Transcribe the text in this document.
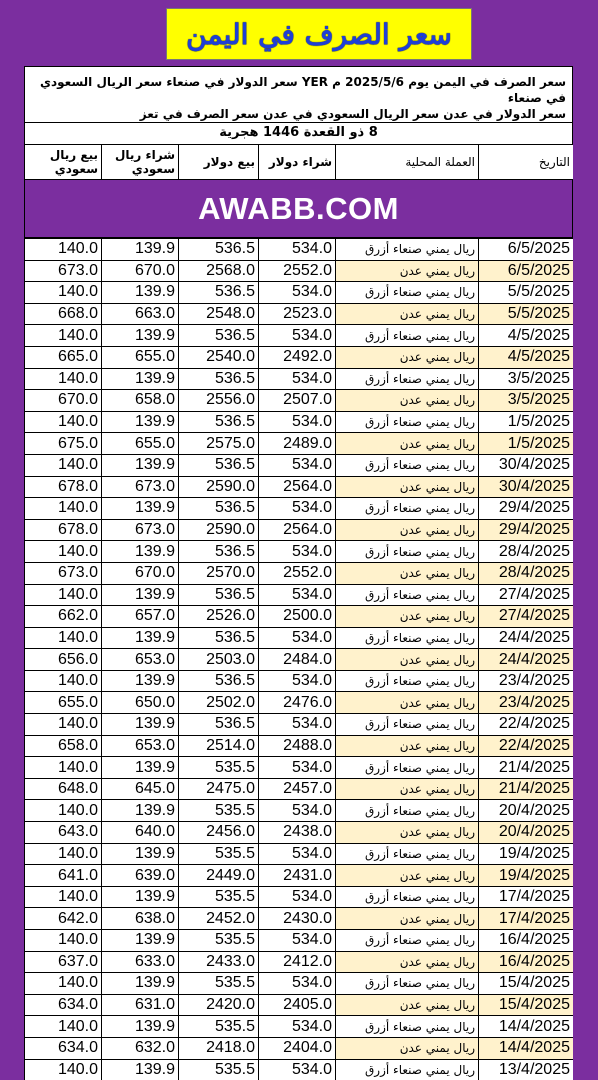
سعر الصرف في اليمن
سعر الصرف في اليمن يوم 2025/5/6 م YER سعر الدولار في صنعاء سعر الريال السعودي في صنعاء
سعر الدولار في عدن سعر الريال السعودي في عدن سعر الصرف في تعز
8 ذو القعدة 1446 هجرية
بيع ريال سعودي	شراء ريال سعودي	بيع دولار	شراء دولار	العملة المحلية	التاريخ
AWABB.COM
140.0	139.9	536.5	534.0	ريال يمني صنعاء أزرق	6/5/2025
673.0	670.0	2568.0	2552.0	ريال يمني عدن	6/5/2025
140.0	139.9	536.5	534.0	ريال يمني صنعاء أزرق	5/5/2025
668.0	663.0	2548.0	2523.0	ريال يمني عدن	5/5/2025
140.0	139.9	536.5	534.0	ريال يمني صنعاء أزرق	4/5/2025
665.0	655.0	2540.0	2492.0	ريال يمني عدن	4/5/2025
140.0	139.9	536.5	534.0	ريال يمني صنعاء أزرق	3/5/2025
670.0	658.0	2556.0	2507.0	ريال يمني عدن	3/5/2025
140.0	139.9	536.5	534.0	ريال يمني صنعاء أزرق	1/5/2025
675.0	655.0	2575.0	2489.0	ريال يمني عدن	1/5/2025
140.0	139.9	536.5	534.0	ريال يمني صنعاء أزرق	30/4/2025
678.0	673.0	2590.0	2564.0	ريال يمني عدن	30/4/2025
140.0	139.9	536.5	534.0	ريال يمني صنعاء أزرق	29/4/2025
678.0	673.0	2590.0	2564.0	ريال يمني عدن	29/4/2025
140.0	139.9	536.5	534.0	ريال يمني صنعاء أزرق	28/4/2025
673.0	670.0	2570.0	2552.0	ريال يمني عدن	28/4/2025
140.0	139.9	536.5	534.0	ريال يمني صنعاء أزرق	27/4/2025
662.0	657.0	2526.0	2500.0	ريال يمني عدن	27/4/2025
140.0	139.9	536.5	534.0	ريال يمني صنعاء أزرق	24/4/2025
656.0	653.0	2503.0	2484.0	ريال يمني عدن	24/4/2025
140.0	139.9	536.5	534.0	ريال يمني صنعاء أزرق	23/4/2025
655.0	650.0	2502.0	2476.0	ريال يمني عدن	23/4/2025
140.0	139.9	536.5	534.0	ريال يمني صنعاء أزرق	22/4/2025
658.0	653.0	2514.0	2488.0	ريال يمني عدن	22/4/2025
140.0	139.9	535.5	534.0	ريال يمني صنعاء أزرق	21/4/2025
648.0	645.0	2475.0	2457.0	ريال يمني عدن	21/4/2025
140.0	139.9	535.5	534.0	ريال يمني صنعاء أزرق	20/4/2025
643.0	640.0	2456.0	2438.0	ريال يمني عدن	20/4/2025
140.0	139.9	535.5	534.0	ريال يمني صنعاء أزرق	19/4/2025
641.0	639.0	2449.0	2431.0	ريال يمني عدن	19/4/2025
140.0	139.9	535.5	534.0	ريال يمني صنعاء أزرق	17/4/2025
642.0	638.0	2452.0	2430.0	ريال يمني عدن	17/4/2025
140.0	139.9	535.5	534.0	ريال يمني صنعاء أزرق	16/4/2025
637.0	633.0	2433.0	2412.0	ريال يمني عدن	16/4/2025
140.0	139.9	535.5	534.0	ريال يمني صنعاء أزرق	15/4/2025
634.0	631.0	2420.0	2405.0	ريال يمني عدن	15/4/2025
140.0	139.9	535.5	534.0	ريال يمني صنعاء أزرق	14/4/2025
634.0	632.0	2418.0	2404.0	ريال يمني عدن	14/4/2025
140.0	139.9	535.5	534.0	ريال يمني صنعاء أزرق	13/4/2025
